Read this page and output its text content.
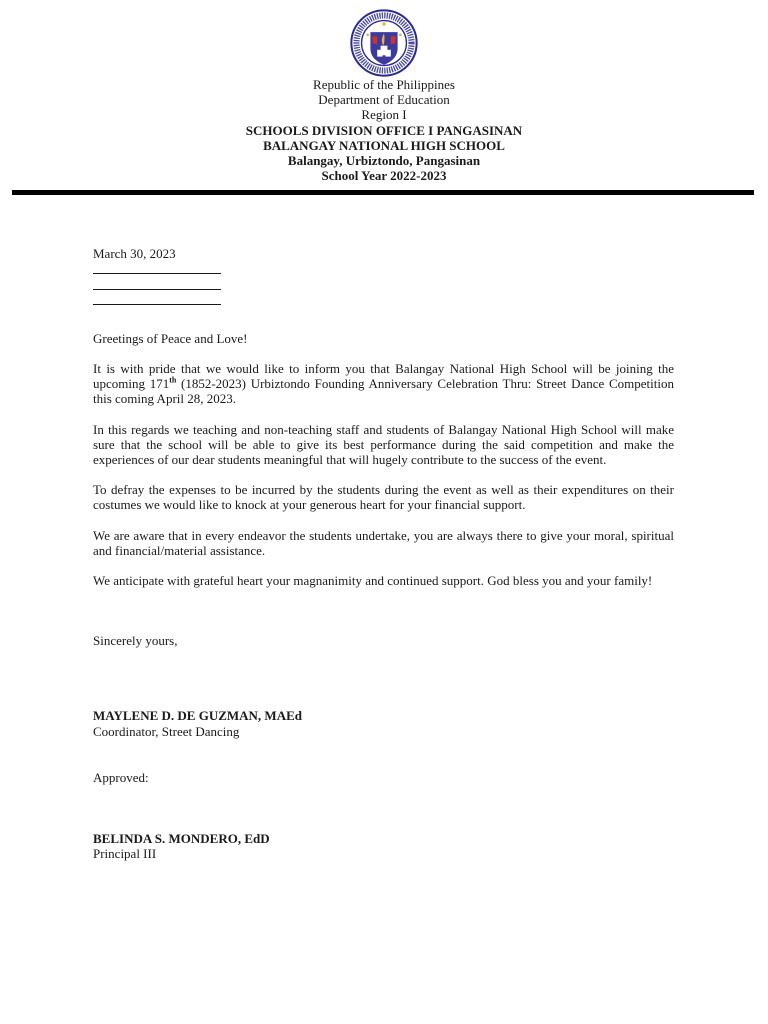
Republic of the Philippines
Department of Education
Region I
SCHOOLS DIVISION OFFICE I PANGASINAN
BALANGAY NATIONAL HIGH SCHOOL
Balangay, Urbiztondo, Pangasinan
School Year 2022-2023
March 30, 2023
Greetings of Peace and Love!

It is with pride that we would like to inform you that Balangay National High School will be joining the upcoming 171th (1852-2023) Urbiztondo Founding Anniversary Celebration Thru: Street Dance Competition this coming April 28, 2023.

In this regards we teaching and non-teaching staff and students of Balangay National High School will make sure that the school will be able to give its best performance during the said competition and make the experiences of our dear students meaningful that will hugely contribute to the success of the event.

To defray the expenses to be incurred by the students during the event as well as their expenditures on their costumes we would like to knock at your generous heart for your financial support.

We are aware that in every endeavor the students undertake, you are always there to give your moral, spiritual and financial/material assistance.

We anticipate with grateful heart your magnanimity and continued support. God bless you and your family!

Sincerely yours,
MAYLENE D. DE GUZMAN, MAEd
Coordinator, Street Dancing
Approved:
BELINDA S. MONDERO, EdD
Principal III
